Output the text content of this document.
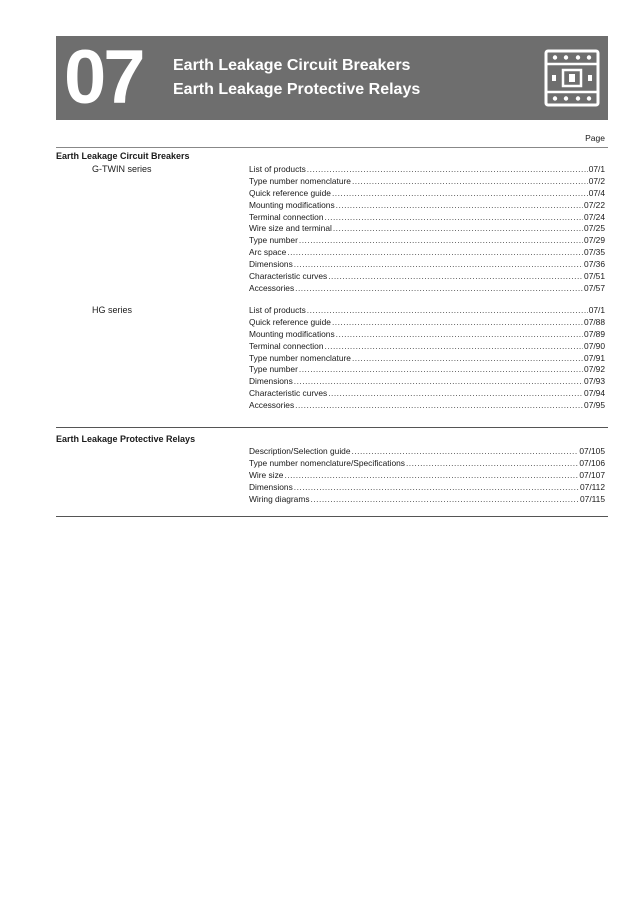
07 Earth Leakage Circuit Breakers
Earth Leakage Protective Relays
Page
Earth Leakage Circuit Breakers
G-TWIN series	List of products .....	07/1
Type number nomenclature .....	07/2
Quick reference guide .....	07/4
Mounting modifications .....	07/22
Terminal connection .....	07/24
Wire size and terminal .....	07/25
Type number .....	07/29
Arc space .....	07/35
Dimensions .....	07/36
Characteristic curves .....	07/51
Accessories .....	07/57
HG series	List of products .....	07/1
Quick reference guide .....	07/88
Mounting modifications .....	07/89
Terminal connection .....	07/90
Type number nomenclature .....	07/91
Type number .....	07/92
Dimensions .....	07/93
Characteristic curves .....	07/94
Accessories .....	07/95
Earth Leakage Protective Relays
Description/Selection guide .....	07/105
Type number nomenclature/Specifications .....	07/106
Wire size .....	07/107
Dimensions .....	07/112
Wiring diagrams .....	07/115
